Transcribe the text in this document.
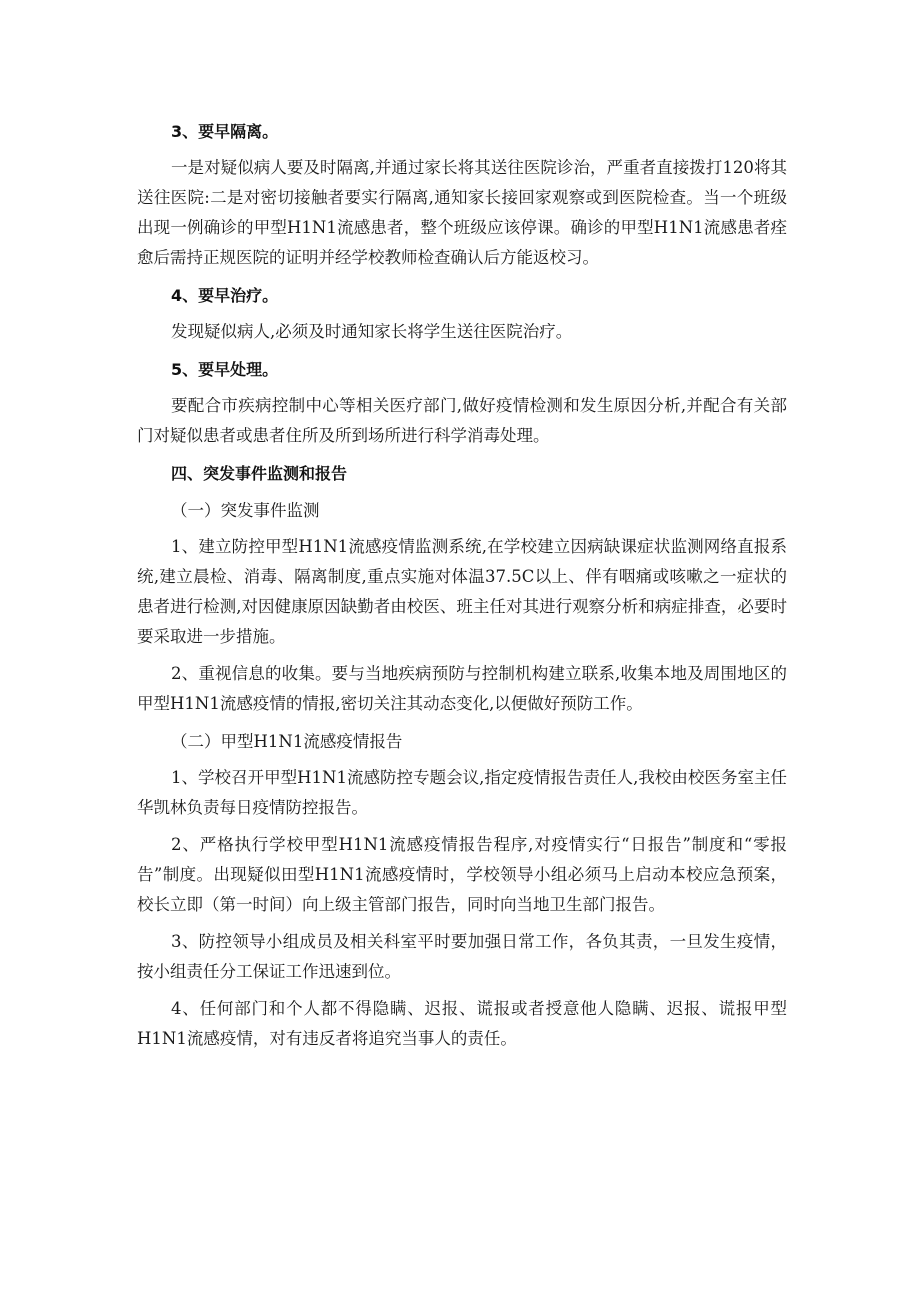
3、要早隔离。

一是对疑似病人要及时隔离,并通过家长将其送往医院诊治，严重者直接拨打120将其送往医院:二是对密切接触者要实行隔离,通知家长接回家观察或到医院检查。当一个班级出现一例确诊的甲型H1N1流感患者，整个班级应该停课。确诊的甲型H1N1流感患者痊愈后需持正规医院的证明并经学校教师检查确认后方能返校习。

4、要早治疗。

发现疑似病人,必须及时通知家长将学生送往医院治疗。

5、要早处理。

要配合市疾病控制中心等相关医疗部门,做好疫情检测和发生原因分析,并配合有关部门对疑似患者或患者住所及所到场所进行科学消毒处理。

四、突发事件监测和报告
（一）突发事件监测

1、建立防控甲型H1N1流感疫情监测系统,在学校建立因病缺课症状监测网络直报系统,建立晨检、消毒、隔离制度,重点实施对体温37.5C以上、伴有咽痛或咳嗽之一症状的患者进行检测,对因健康原因缺勤者由校医、班主任对其进行观察分析和病症排查，必要时要采取进一步措施。

2、重视信息的收集。要与当地疾病预防与控制机构建立联系,收集本地及周围地区的甲型H1N1流感疫情的情报,密切关注其动态变化,以便做好预防工作。

（二）甲型H1N1流感疫情报告

1、学校召开甲型H1N1流感防控专题会议,指定疫情报告责任人,我校由校医务室主任华凯林负责每日疫情防控报告。

2、严格执行学校甲型H1N1流感疫情报告程序,对疫情实行“日报告”制度和“零报告”制度。出现疑似田型H1N1流感疫情时，学校领导小组必须马上启动本校应急预案，校长立即（第一时间）向上级主管部门报告，同时向当地卫生部门报告。

3、防控领导小组成员及相关科室平时要加强日常工作，各负其责，一旦发生疫情，按小组责任分工保证工作迅速到位。

4、任何部门和个人都不得隐瞒、迟报、谎报或者授意他人隐瞒、迟报、谎报甲型H1N1流感疫情，对有违反者将追究当事人的责任。
